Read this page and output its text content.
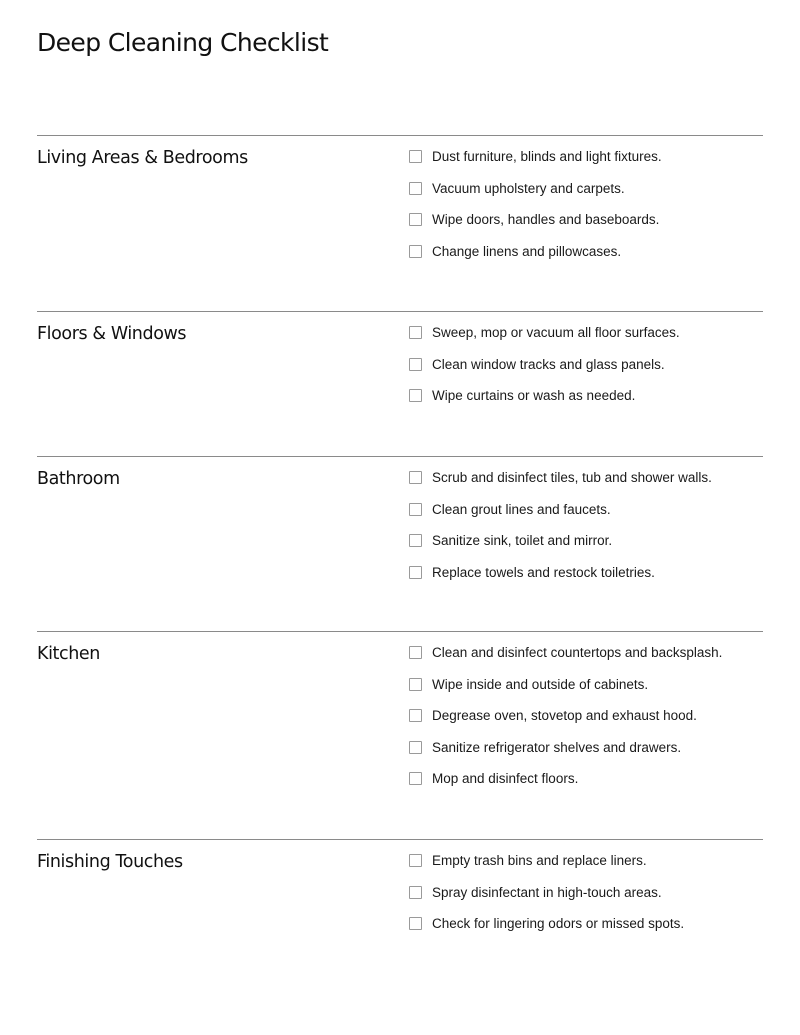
Deep Cleaning Checklist
Living Areas & Bedrooms	Dust furniture, blinds and light fixtures.
Vacuum upholstery and carpets.
Wipe doors, handles and baseboards.
Change linens and pillowcases.
Floors & Windows	Sweep, mop or vacuum all floor surfaces.
Clean window tracks and glass panels.
Wipe curtains or wash as needed.
Bathroom	Scrub and disinfect tiles, tub and shower walls.
Clean grout lines and faucets.
Sanitize sink, toilet and mirror.
Replace towels and restock toiletries.
Kitchen	Clean and disinfect countertops and backsplash.
Wipe inside and outside of cabinets.
Degrease oven, stovetop and exhaust hood.
Sanitize refrigerator shelves and drawers.
Mop and disinfect floors.
Finishing Touches	Empty trash bins and replace liners.
Spray disinfectant in high-touch areas.
Check for lingering odors or missed spots.
